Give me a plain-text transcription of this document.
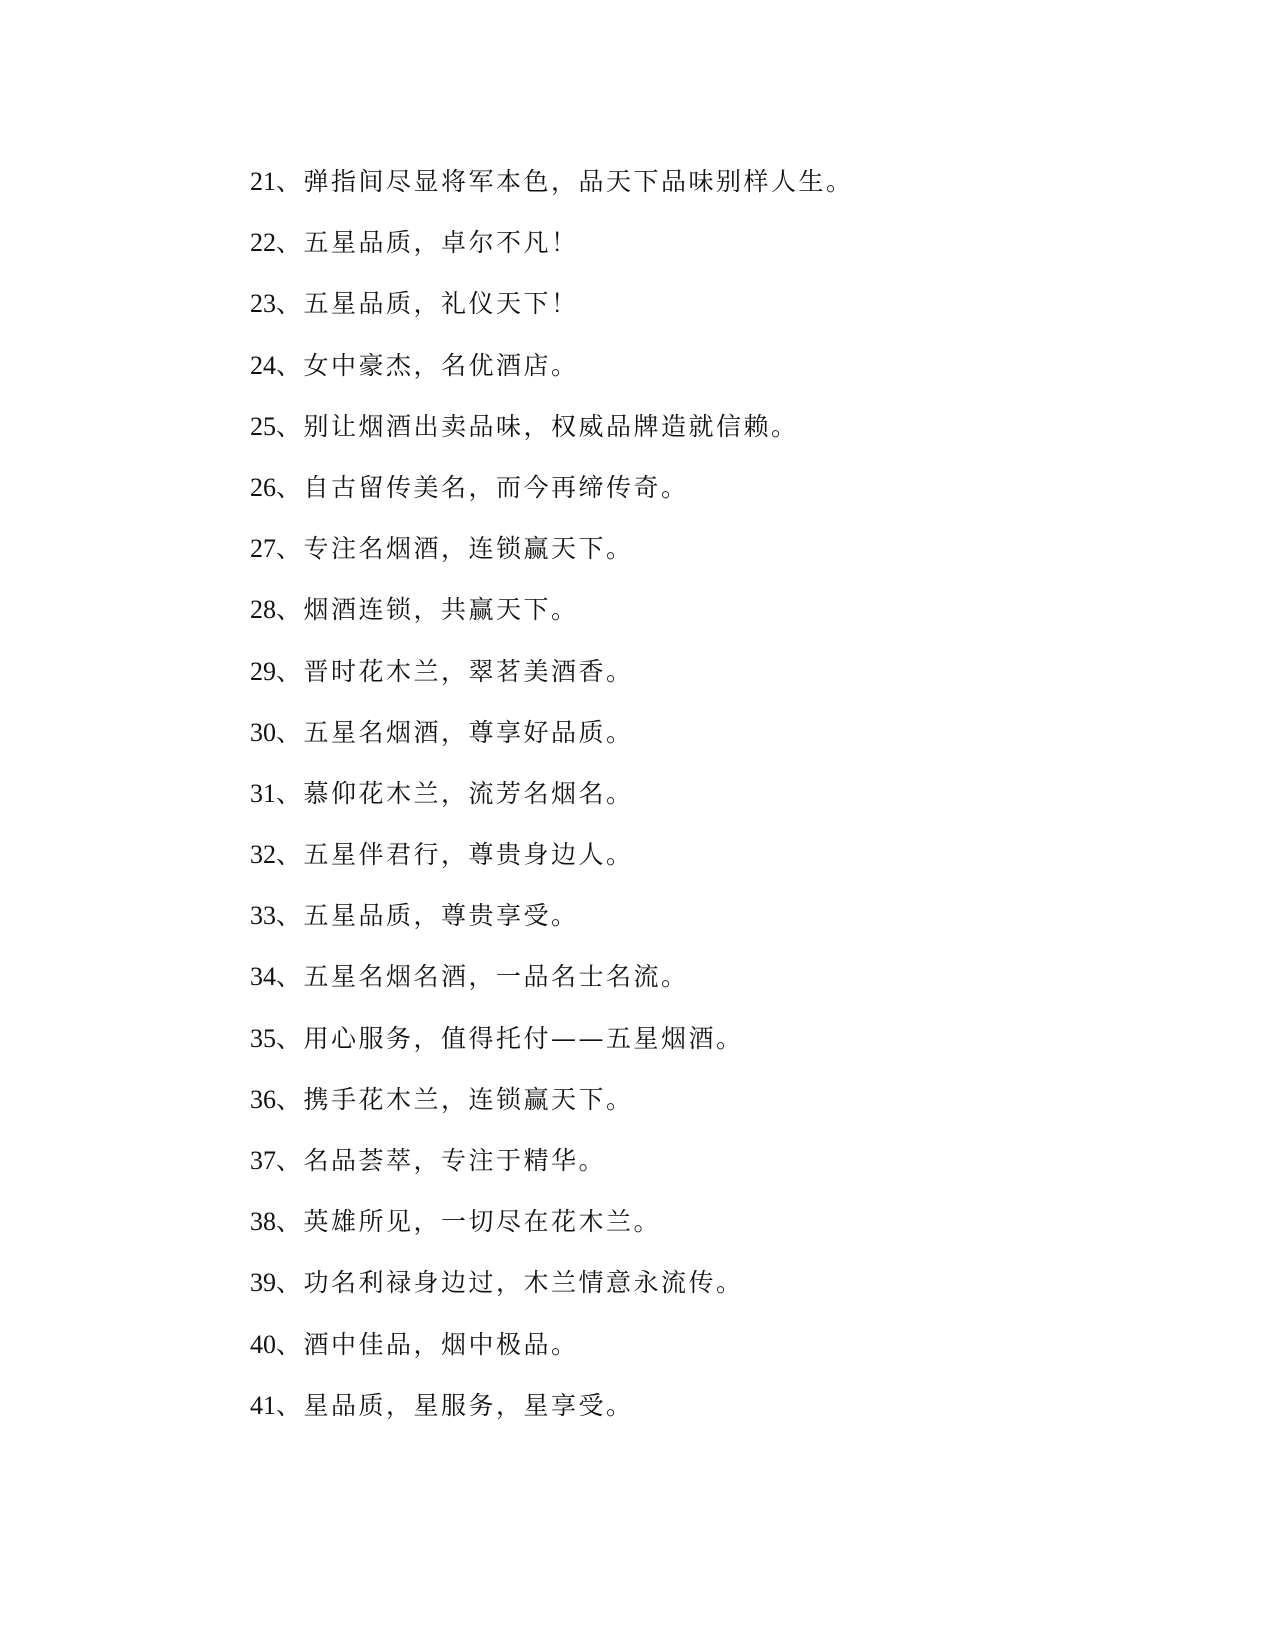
21、弹指间尽显将军本色，品天下品味别样人生。
22、五星品质，卓尔不凡！
23、五星品质，礼仪天下！
24、女中豪杰，名优酒店。
25、别让烟酒出卖品味，权威品牌造就信赖。
26、自古留传美名，而今再缔传奇。
27、专注名烟酒，连锁赢天下。
28、烟酒连锁，共赢天下。
29、晋时花木兰，翠茗美酒香。
30、五星名烟酒，尊享好品质。
31、慕仰花木兰，流芳名烟名。
32、五星伴君行，尊贵身边人。
33、五星品质，尊贵享受。
34、五星名烟名酒，一品名士名流。
35、用心服务，值得托付——五星烟酒。
36、携手花木兰，连锁赢天下。
37、名品荟萃，专注于精华。
38、英雄所见，一切尽在花木兰。
39、功名利禄身边过，木兰情意永流传。
40、酒中佳品，烟中极品。
41、星品质，星服务，星享受。
